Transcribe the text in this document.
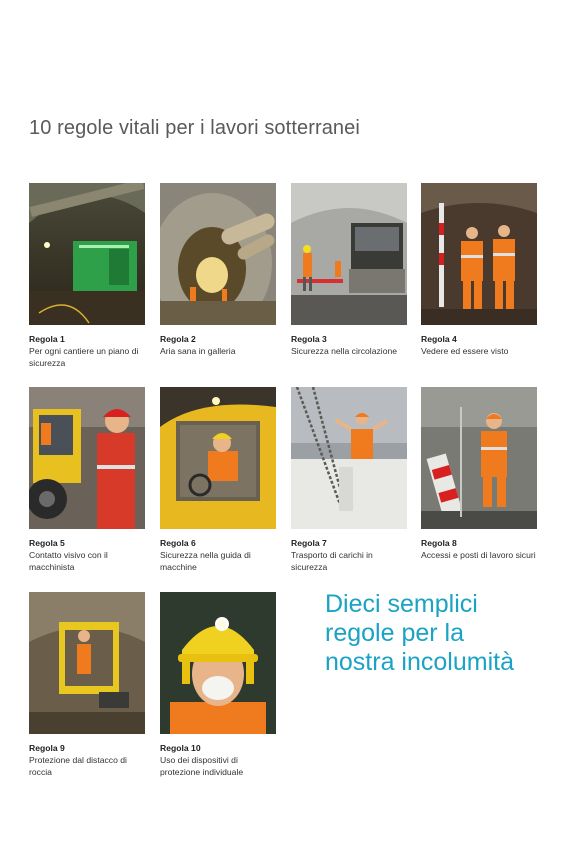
10 regole vitali per i lavori sotterranei
Regola 1
Per ogni cantiere un piano di sicurezza
Regola 2
Aria sana in galleria
Regola 3
Sicurezza nella circolazione
Regola 4
Vedere ed essere visto
Regola 5
Contatto visivo con il macchinista
Regola 6
Sicurezza nella guida di macchine
Regola 7
Trasporto di carichi in sicurezza
Regola 8
Accessi e posti di lavoro sicuri
Regola 9
Protezione dal distacco di roccia
Regola 10
Uso dei dispositivi di protezione individuale
Dieci semplici
regole per la
nostra incolumità
